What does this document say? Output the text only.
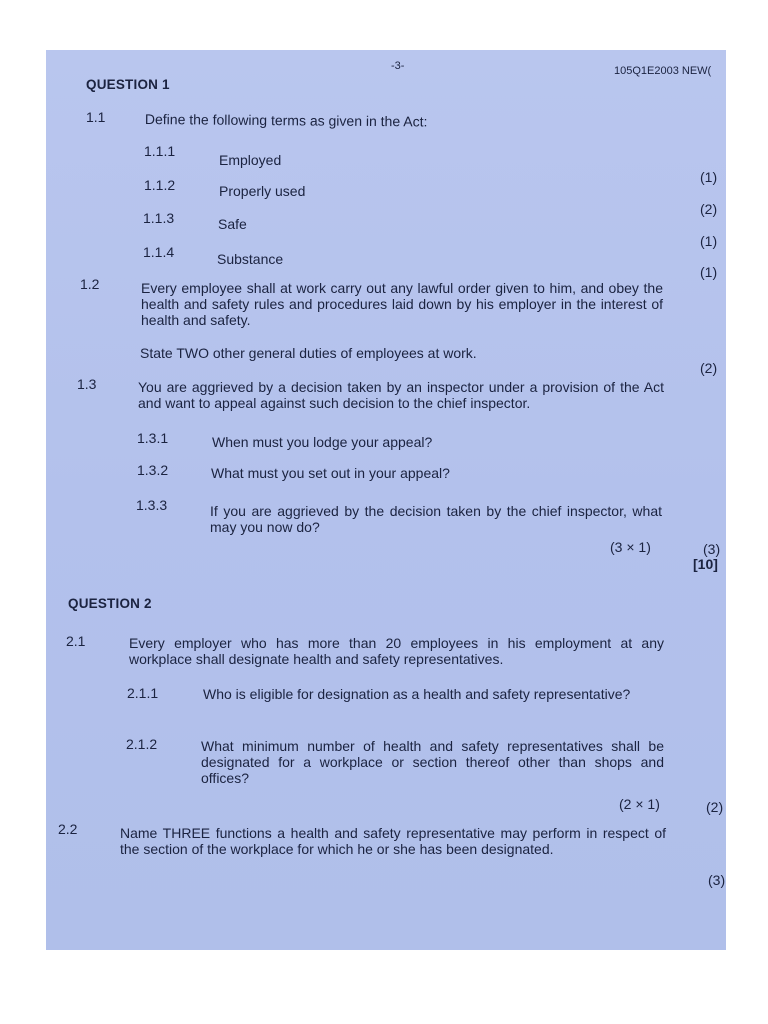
-3-	105Q1E2003 NEW(
QUESTION 1
1.1	Define the following terms as given in the Act:
1.1.1
Employed
(1)
1.1.2	Properly used
(2)
1.1.3	Safe
(1)
1.1.4	Substance
(1)
1.2	Every employee shall at work carry out any lawful order given to him, and obey the health and safety rules and procedures laid down by his employer in the interest of health and safety.
State TWO other general duties of employees at work.
(2)
1.3	You are aggrieved by a decision taken by an inspector under a provision of the Act and want to appeal against such decision to the chief inspector.
1.3.1	When must you lodge your appeal?
1.3.2	What must you set out in your appeal?
1.3.3	If you are aggrieved by the decision taken by the chief inspector, what may you now do?
(3 × 1)	(3)
[10]
QUESTION 2
2.1	Every employer who has more than 20 employees in his employment at any workplace shall designate health and safety representatives.
2.1.1	Who is eligible for designation as a health and safety representative?
2.1.2	What minimum number of health and safety representatives shall be designated for a workplace or section thereof other than shops and offices?
(2 × 1)	(2)
2.2	Name THREE functions a health and safety representative may perform in respect of the section of the workplace for which he or she has been designated.
(3)
